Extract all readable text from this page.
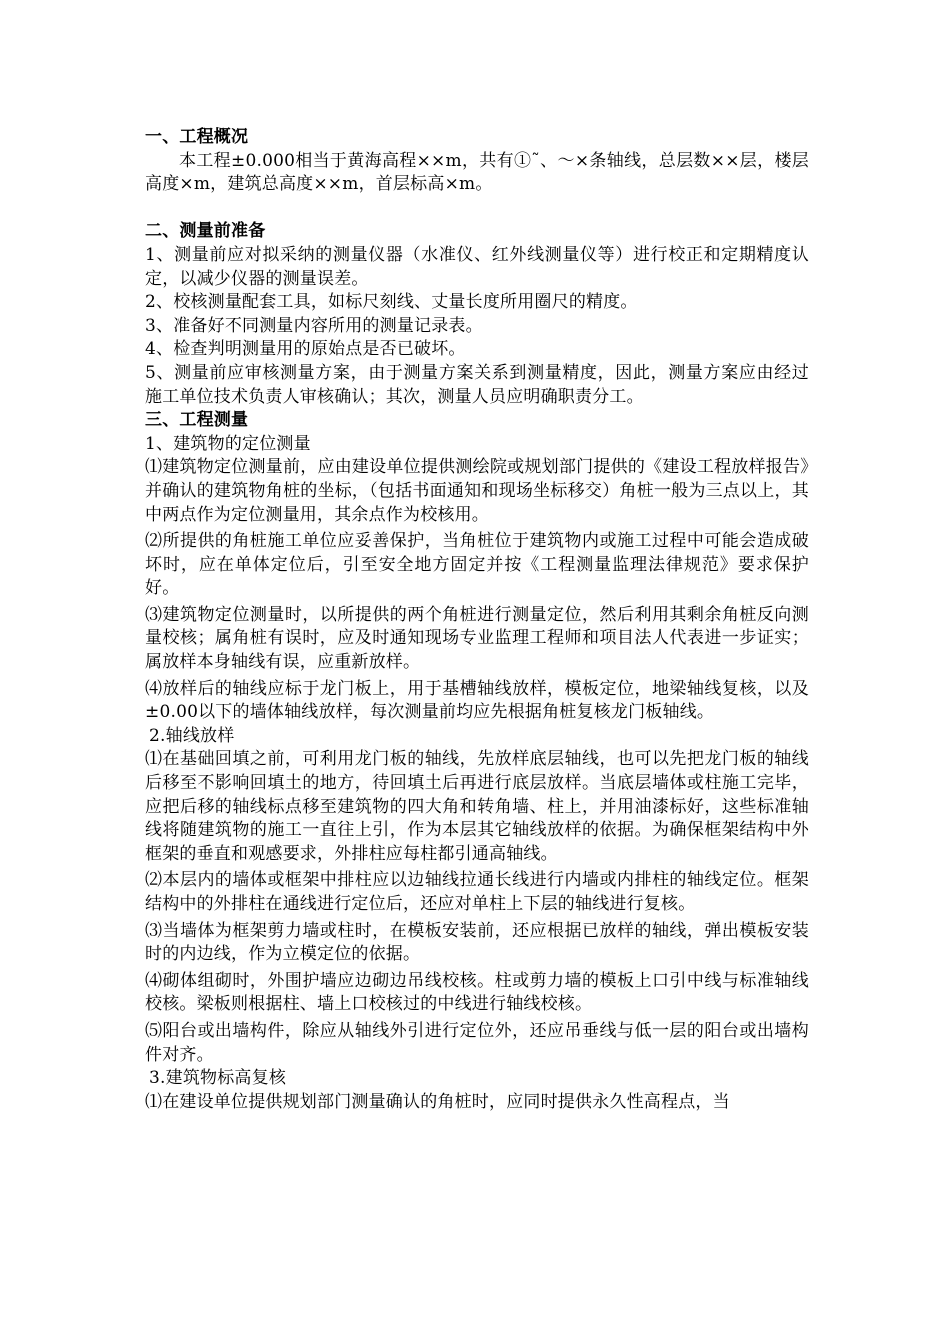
一、工程概况

本工程±0.000相当于黄海高程××m，共有①˜、～×条轴线，总层数××层，楼层高度×m，建筑总高度××m，首层标高×m。

二、测量前准备

1、测量前应对拟采纳的测量仪器（水准仪、红外线测量仪等）进行校正和定期精度认定，以减少仪器的测量误差。

2、校核测量配套工具，如标尺刻线、丈量长度所用圈尺的精度。

3、准备好不同测量内容所用的测量记录表。

4、检查判明测量用的原始点是否已破坏。

5、测量前应审核测量方案，由于测量方案关系到测量精度，因此，测量方案应由经过施工单位技术负责人审核确认；其次，测量人员应明确职责分工。

三、工程测量

1、建筑物的定位测量

⑴建筑物定位测量前，应由建设单位提供测绘院或规划部门提供的《建设工程放样报告》并确认的建筑物角桩的坐标，（包括书面通知和现场坐标移交）角桩一般为三点以上，其中两点作为定位测量用，其余点作为校核用。

⑵所提供的角桩施工单位应妥善保护，当角桩位于建筑物内或施工过程中可能会造成破坏时，应在单体定位后，引至安全地方固定并按《工程测量监理法律规范》要求保护好。

⑶建筑物定位测量时，以所提供的两个角桩进行测量定位，然后利用其剩余角桩反向测量校核；属角桩有误时，应及时通知现场专业监理工程师和项目法人代表进一步证实；属放样本身轴线有误，应重新放样。

⑷放样后的轴线应标于龙门板上，用于基槽轴线放样，模板定位，地梁轴线复核，以及±0.00以下的墙体轴线放样，每次测量前均应先根据角桩复核龙门板轴线。

2.轴线放样

⑴在基础回填之前，可利用龙门板的轴线，先放样底层轴线，也可以先把龙门板的轴线后移至不影响回填土的地方，待回填土后再进行底层放样。当底层墙体或柱施工完毕，应把后移的轴线标点移至建筑物的四大角和转角墙、柱上，并用油漆标好，这些标准轴线将随建筑物的施工一直往上引，作为本层其它轴线放样的依据。为确保框架结构中外框架的垂直和观感要求，外排柱应每柱都引通高轴线。

⑵本层内的墙体或框架中排柱应以边轴线拉通长线进行内墙或内排柱的轴线定位。框架结构中的外排柱在通线进行定位后，还应对单柱上下层的轴线进行复核。

⑶当墙体为框架剪力墙或柱时，在模板安装前，还应根据已放样的轴线，弹出模板安装时的内边线，作为立模定位的依据。

⑷砌体组砌时，外围护墙应边砌边吊线校核。柱或剪力墙的模板上口引中线与标准轴线校核。梁板则根据柱、墙上口校核过的中线进行轴线校核。

⑸阳台或出墙构件，除应从轴线外引进行定位外，还应吊垂线与低一层的阳台或出墙构件对齐。

3.建筑物标高复核

⑴在建设单位提供规划部门测量确认的角桩时，应同时提供永久性高程点，当
